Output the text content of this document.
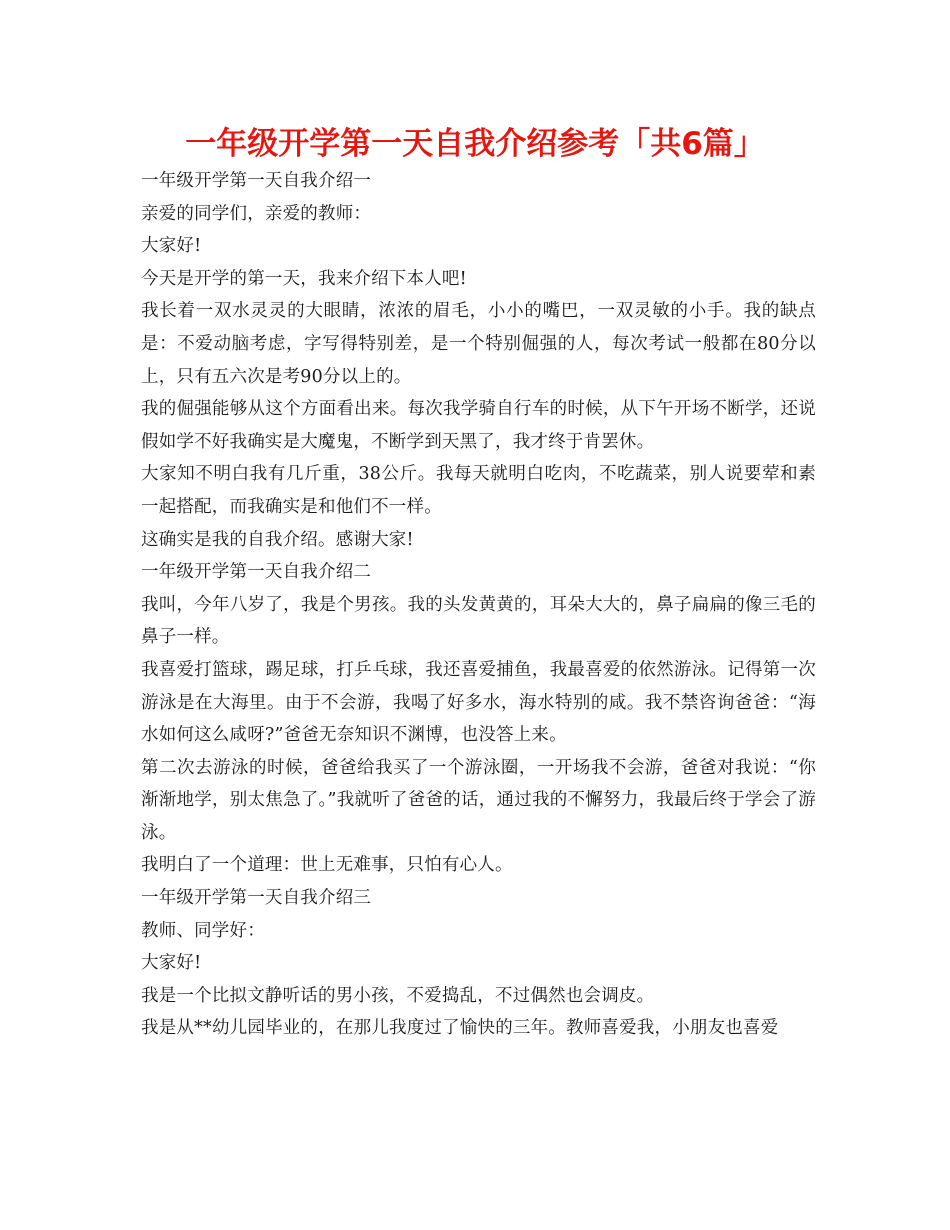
一年级开学第一天自我介绍参考「共6篇」

一年级开学第一天自我介绍一

亲爱的同学们，亲爱的教师：

大家好!

今天是开学的第一天，我来介绍下本人吧!

我长着一双水灵灵的大眼睛，浓浓的眉毛，小小的嘴巴，一双灵敏的小手。我的缺点是：不爱动脑考虑，字写得特别差，是一个特别倔强的人，每次考试一般都在80分以上，只有五六次是考90分以上的。

我的倔强能够从这个方面看出来。每次我学骑自行车的时候，从下午开场不断学，还说假如学不好我确实是大魔鬼，不断学到天黑了，我才终于肯罢休。

大家知不明白我有几斤重，38公斤。我每天就明白吃肉，不吃蔬菜，别人说要荤和素一起搭配，而我确实是和他们不一样。

这确实是我的自我介绍。感谢大家!

一年级开学第一天自我介绍二

我叫，今年八岁了，我是个男孩。我的头发黄黄的，耳朵大大的，鼻子扁扁的像三毛的鼻子一样。

我喜爱打篮球，踢足球，打乒乓球，我还喜爱捕鱼，我最喜爱的依然游泳。记得第一次游泳是在大海里。由于不会游，我喝了好多水，海水特别的咸。我不禁咨询爸爸：“海水如何这么咸呀?”爸爸无奈知识不渊博，也没答上来。

第二次去游泳的时候，爸爸给我买了一个游泳圈，一开场我不会游，爸爸对我说：“你渐渐地学，别太焦急了。”我就听了爸爸的话，通过我的不懈努力，我最后终于学会了游泳。

我明白了一个道理：世上无难事，只怕有心人。

一年级开学第一天自我介绍三

教师、同学好：

大家好!

我是一个比拟文静听话的男小孩，不爱捣乱，不过偶然也会调皮。

我是从**幼儿园毕业的，在那儿我度过了愉快的三年。教师喜爱我，小朋友也喜爱
